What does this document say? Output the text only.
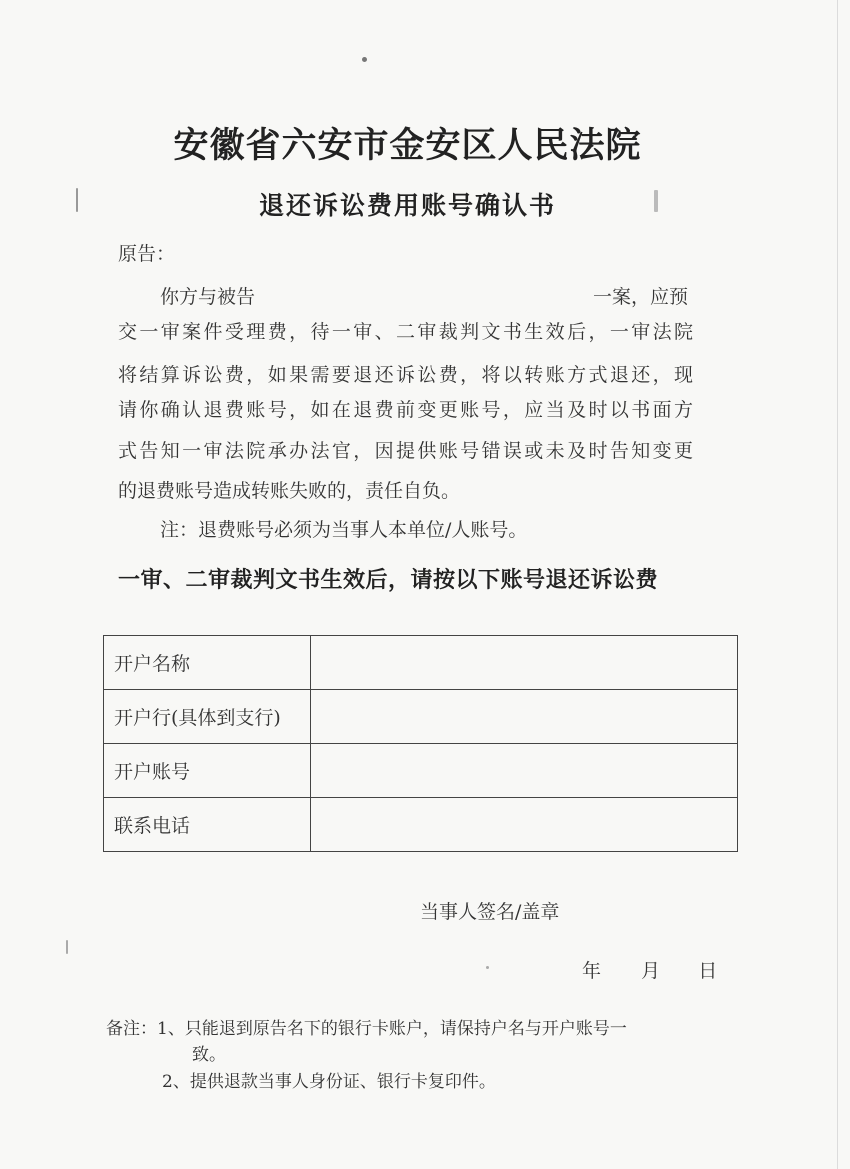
安徽省六安市金安区人民法院
退还诉讼费用账号确认书
原告：
你方与被告	一案，应预
交一审案件受理费，待一审、二审裁判文书生效后，一审法院
将结算诉讼费，如果需要退还诉讼费，将以转账方式退还，现
请你确认退费账号，如在退费前变更账号，应当及时以书面方
式告知一审法院承办法官，因提供账号错误或未及时告知变更
的退费账号造成转账失败的，责任自负。
注：退费账号必须为当事人本单位/人账号。
一审、二审裁判文书生效后，请按以下账号退还诉讼费
开户名称	
开户行(具体到支行)	
开户账号	
联系电话	
当事人签名/盖章
年 月 日
备注：1、只能退到原告名下的银行卡账户，请保持户名与开户账号一
致。
2、提供退款当事人身份证、银行卡复印件。
